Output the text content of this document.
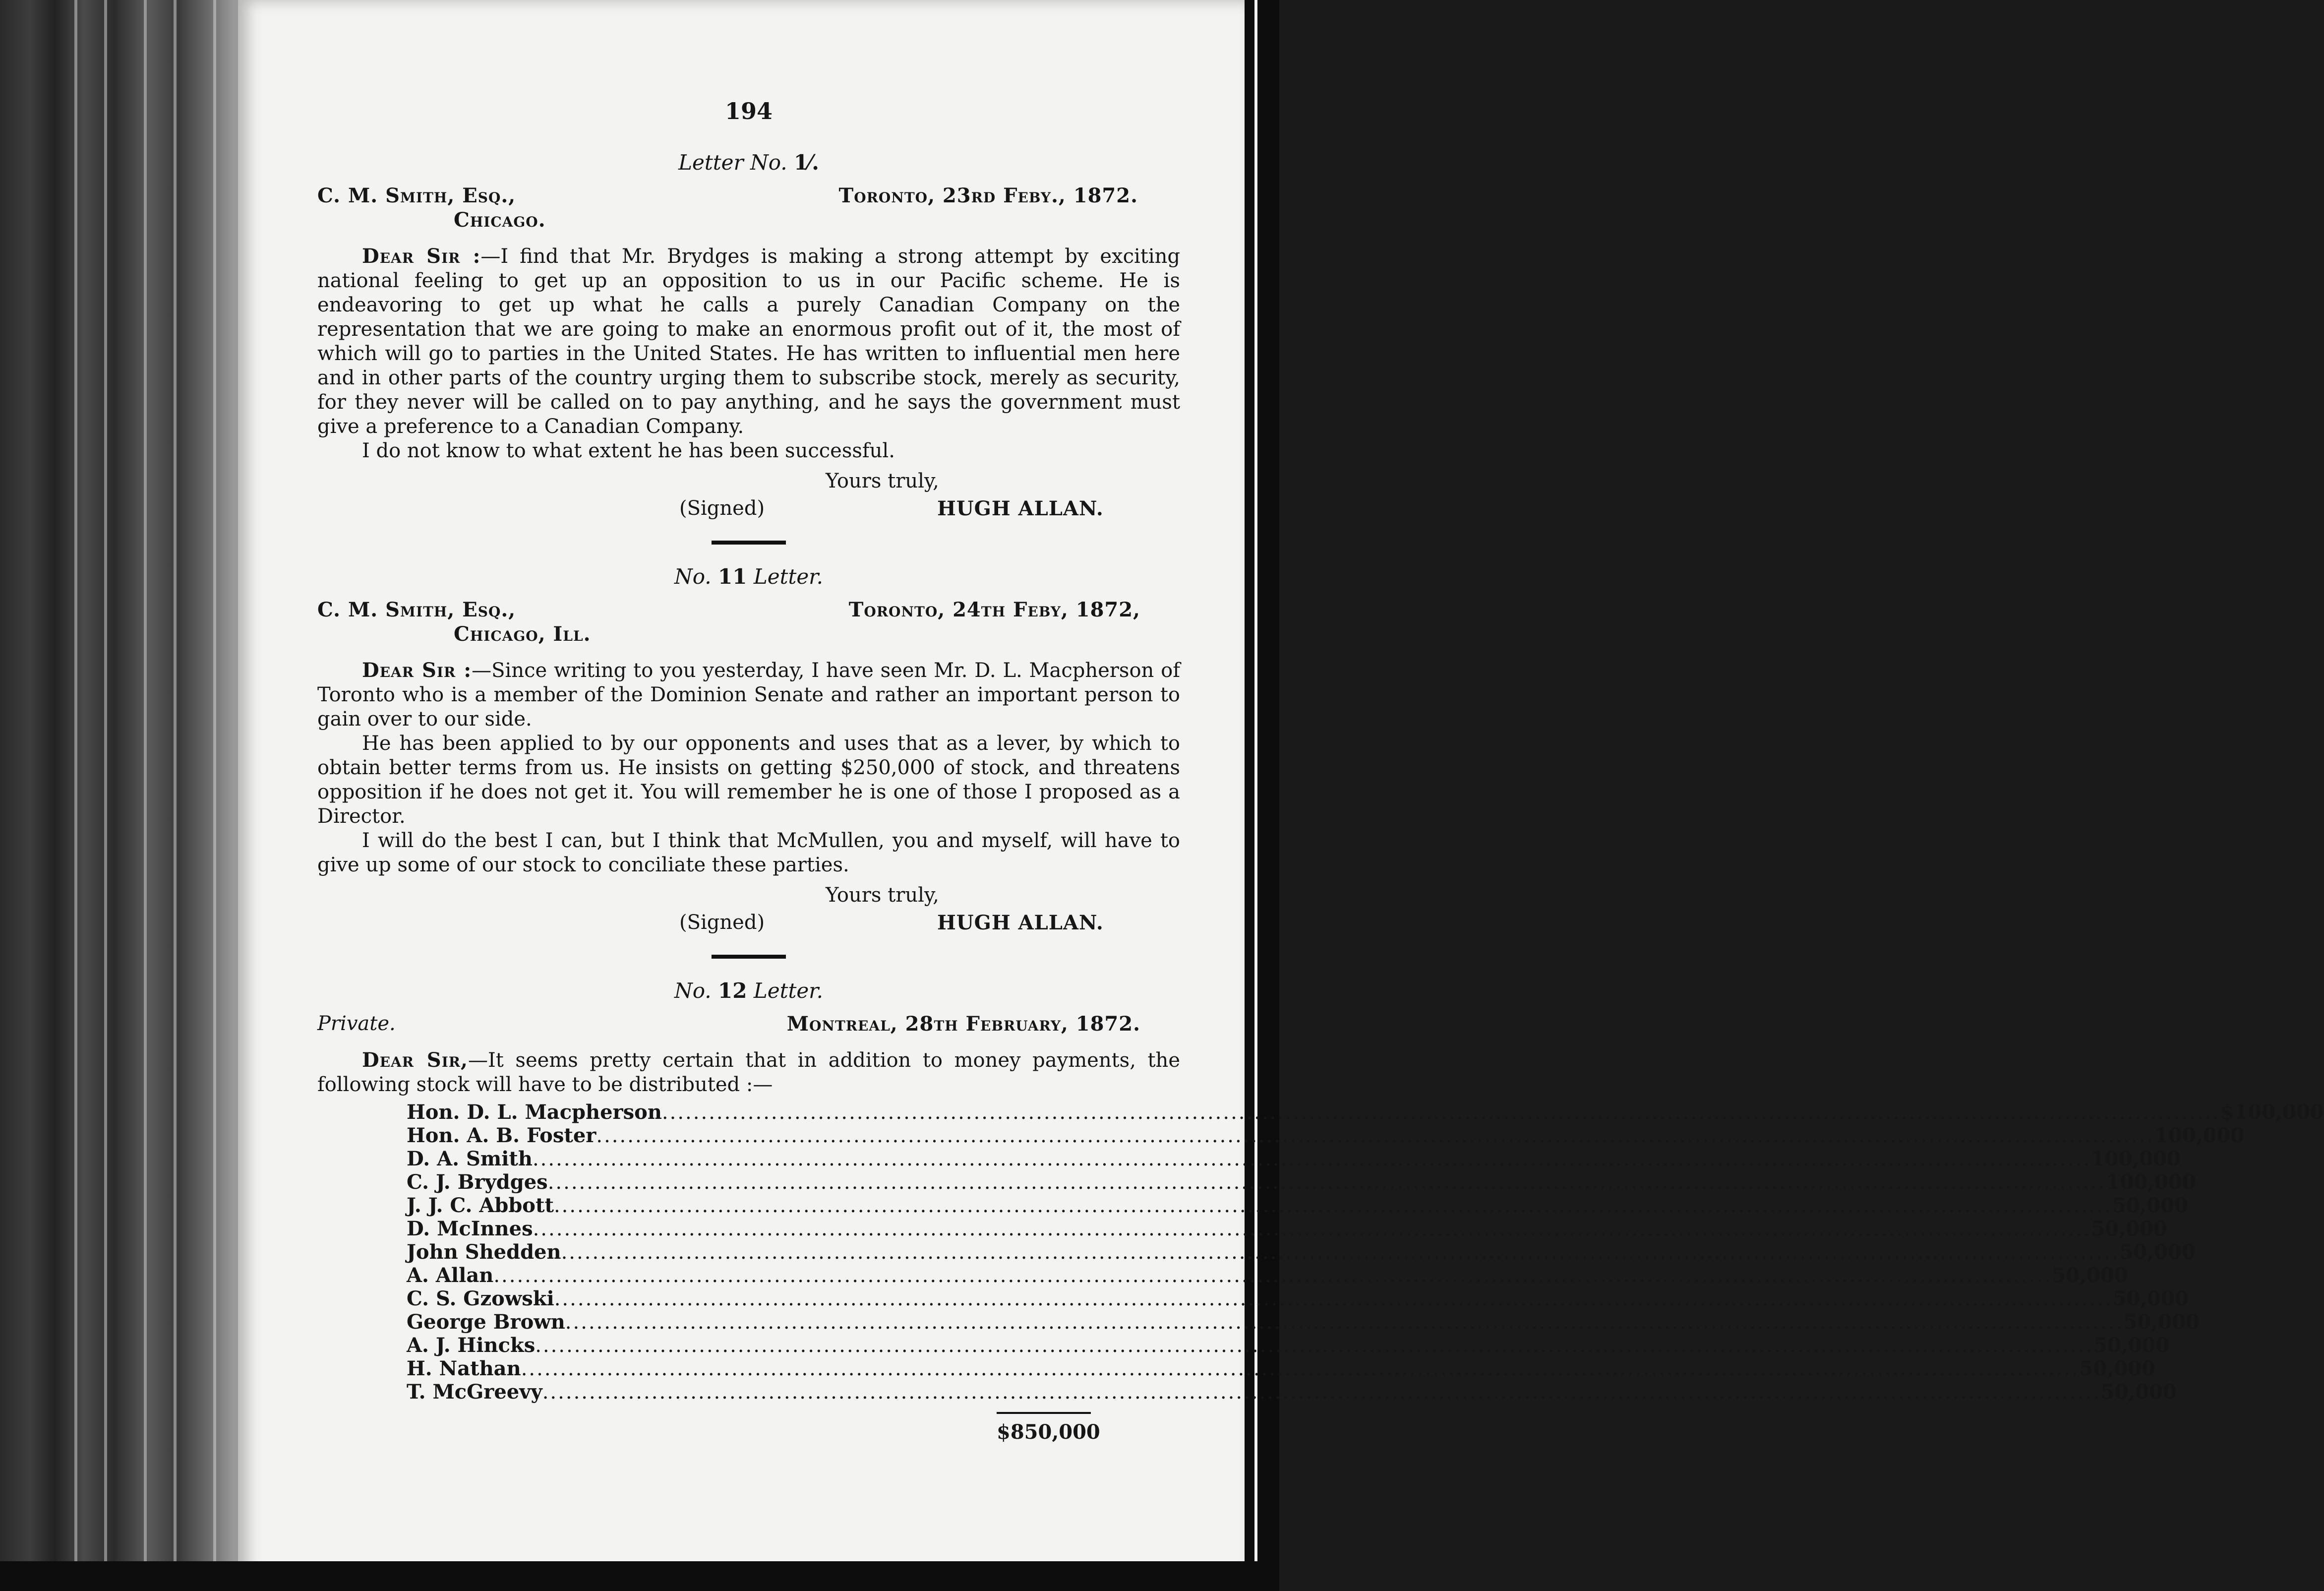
194
Letter No. 1⁄.
C. M. Smith, Esq.,	Toronto, 23rd Feby., 1872.
Chicago.

Dear Sir :—I find that Mr. Brydges is making a strong attempt by exciting national feeling to get up an opposition to us in our Pacific scheme. He is endeavoring to get up what he calls a purely Canadian Company on the representation that we are going to make an enormous profit out of it, the most of which will go to parties in the United States. He has written to influential men here and in other parts of the country urging them to subscribe stock, merely as security, for they never will be called on to pay anything, and he says the government must give a preference to a Canadian Company.

I do not know to what extent he has been successful.

Yours truly,
(Signed)	HUGH ALLAN.
No. 11 Letter.
C. M. Smith, Esq.,	Toronto, 24th Feby, 1872,
Chicago, Ill.

Dear Sir :—Since writing to you yesterday, I have seen Mr. D. L. Macpherson of Toronto who is a member of the Dominion Senate and rather an important person to gain over to our side.

He has been applied to by our opponents and uses that as a lever, by which to obtain better terms from us. He insists on getting $250,000 of stock, and threatens opposition if he does not get it. You will remember he is one of those I proposed as a Director.

I will do the best I can, but I think that McMullen, you and myself, will have to give up some of our stock to conciliate these parties.

Yours truly,
(Signed)	HUGH ALLAN.
No. 12 Letter.
Private.	Montreal, 28th February, 1872.

Dear Sir,—It seems pretty certain that in addition to money payments, the following stock will have to be distributed :—

Hon. D. L. Macpherson ........................................................................................................................................................................................................ $100,000
Hon. A. B. Foster ........................................................................................................................................................................................................ 100,000
D. A. Smith ........................................................................................................................................................................................................ 100,000
C. J. Brydges ........................................................................................................................................................................................................ 100,000
J. J. C. Abbott ........................................................................................................................................................................................................ 50,000
D. McInnes ........................................................................................................................................................................................................ 50,000
John Shedden ........................................................................................................................................................................................................ 50,000
A. Allan ........................................................................................................................................................................................................ 50,000
C. S. Gzowski ........................................................................................................................................................................................................ 50,000
George Brown ........................................................................................................................................................................................................ 50,000
A. J. Hincks ........................................................................................................................................................................................................ 50,000
H. Nathan ........................................................................................................................................................................................................ 50,000
T. McGreevy ........................................................................................................................................................................................................ 50,000
$850,000
